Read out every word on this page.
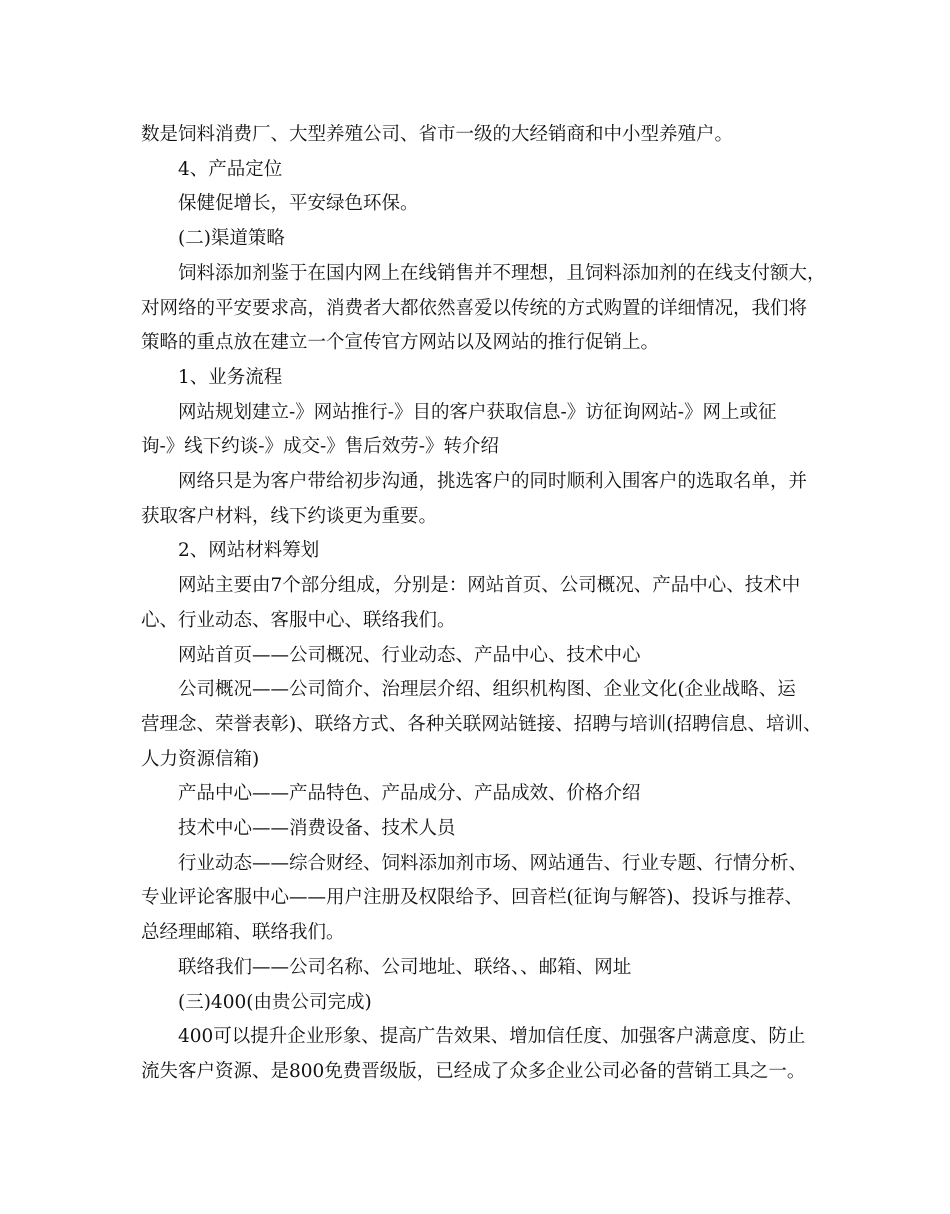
数是饲料消费厂、大型养殖公司、省市一级的大经销商和中小型养殖户。
4、产品定位
保健促增长，平安绿色环保。
(二)渠道策略
饲料添加剂鉴于在国内网上在线销售并不理想，且饲料添加剂的在线支付额大，
对网络的平安要求高，消费者大都依然喜爱以传统的方式购置的详细情况，我们将
策略的重点放在建立一个宣传官方网站以及网站的推行促销上。
1、业务流程
网站规划建立-》网站推行-》目的客户获取信息-》访征询网站-》网上或征
询-》线下约谈-》成交-》售后效劳-》转介绍
网络只是为客户带给初步沟通，挑选客户的同时顺利入围客户的选取名单，并
获取客户材料，线下约谈更为重要。
2、网站材料筹划
网站主要由7个部分组成，分别是：网站首页、公司概况、产品中心、技术中
心、行业动态、客服中心、联络我们。
网站首页——公司概况、行业动态、产品中心、技术中心
公司概况——公司简介、治理层介绍、组织机构图、企业文化(企业战略、运
营理念、荣誉表彰)、联络方式、各种关联网站链接、招聘与培训(招聘信息、培训、
人力资源信箱)
产品中心——产品特色、产品成分、产品成效、价格介绍
技术中心——消费设备、技术人员
行业动态——综合财经、饲料添加剂市场、网站通告、行业专题、行情分析、
专业评论客服中心——用户注册及权限给予、回音栏(征询与解答)、投诉与推荐、
总经理邮箱、联络我们。
联络我们——公司名称、公司地址、联络、、邮箱、网址
(三)400(由贵公司完成)
400可以提升企业形象、提高广告效果、增加信任度、加强客户满意度、防止
流失客户资源、是800免费晋级版，已经成了众多企业公司必备的营销工具之一。
